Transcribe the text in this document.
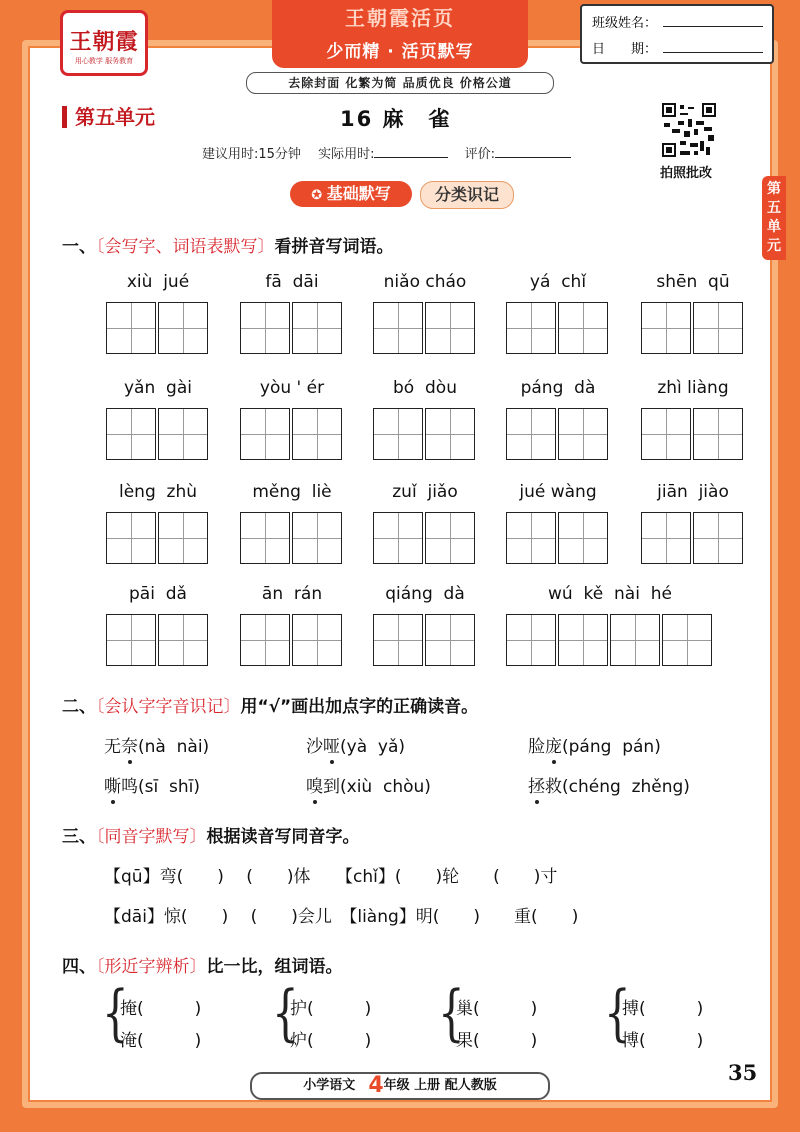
王朝霞
用心教学 服务教育
王朝霞活页
少而精 · 活页默写
班级姓名：
日　　期：
去除封面 化繁为简 品质优良 价格公道
第五单元	16 麻　雀
建议用时:15分钟　 实际用时:	评价:
拍照批改
第五单元
✪ 基础默写	分类识记
一、〔会写字、词语表默写〕看拼音写词语。
xiù  jué	fā  dāi	niǎo cháo	yá  chǐ	shēn  qū
yǎn  gài	yòu ' ér	bó  dòu	páng  dà	zhì liàng
lèng  zhù	měng  liè	zuǐ  jiǎo	jué wàng	jiān  jiào
pāi  dǎ	ān  rán	qiáng  dà	wú  kě  nài  hé
二、〔会认字字音识记〕用“√”画出加点字的正确读音。
无奈(nà  nài)	沙哑(yà  yǎ)	脸庞(páng  pán)
嘶鸣(sī  shī)	嗅到(xiù  chòu)	拯救(chéng  zhěng)
三、〔同音字默写〕根据读音写同音字。
【qū】弯(　　)　 (　　)体　　【chǐ】(　　)轮　　(　　)寸
【dāi】惊(　　)　 (　　)会儿　【liàng】明(　　)　　重(　　)
四、〔形近字辨析〕比一比，组词语。
{
掩(　　　)
淹(　　　) {
护(　　　)
炉(　　　) {
巢(　　　)
果(　　　) {
搏(　　　)
博(　　　)
小学语文　 4年级 上册 配人教版
35
